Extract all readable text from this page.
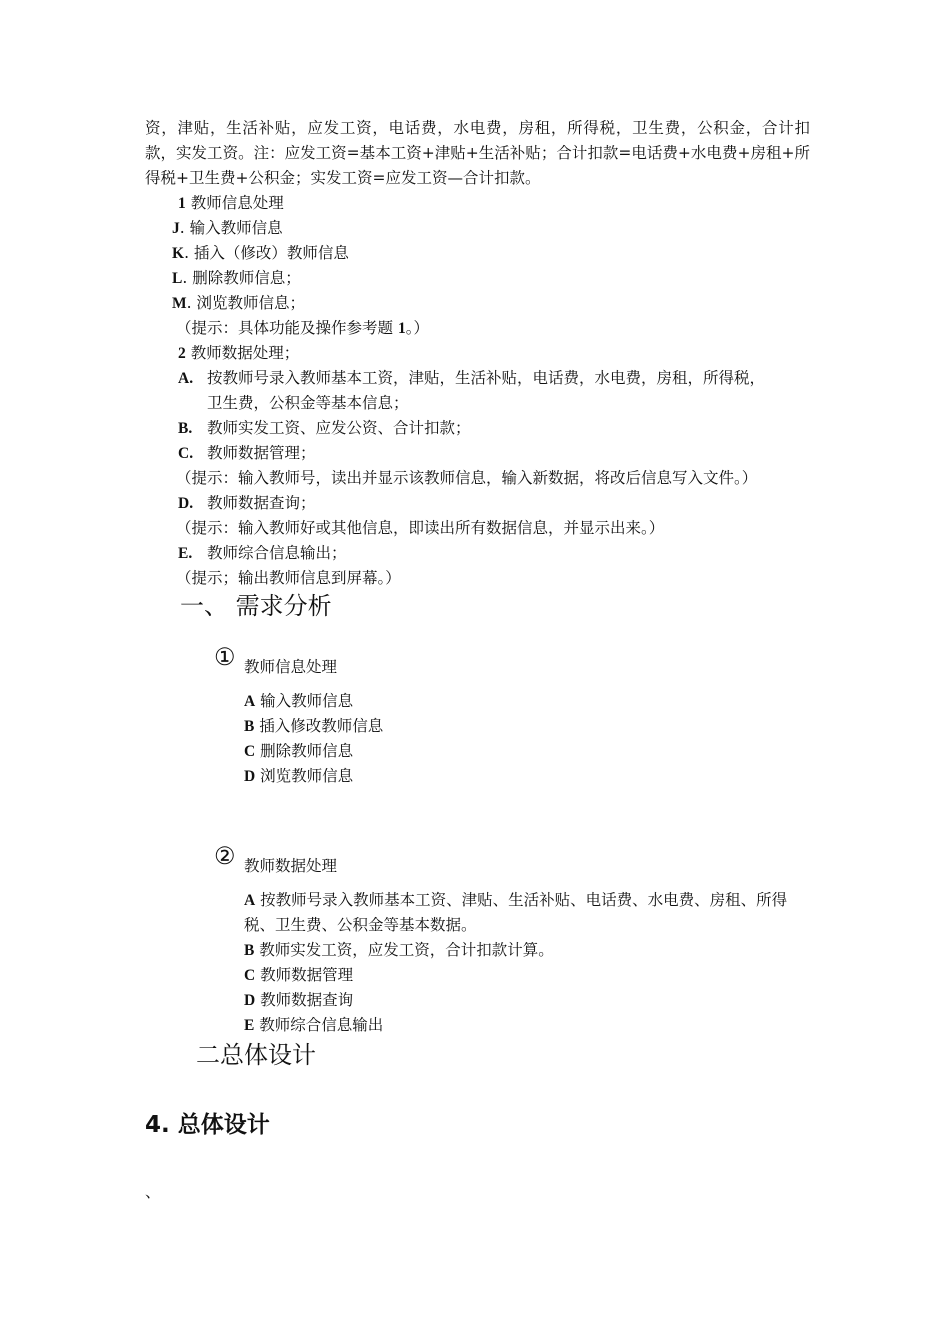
资，津贴，生活补贴，应发工资，电话费，水电费，房租，所得税，卫生费，公积金，合计扣款，实发工资。注：应发工资=基本工资+津贴+生活补贴；合计扣款=电话费+水电费+房租+所得税+卫生费+公积金；实发工资=应发工资—合计扣款。
1 教师信息处理
J. 输入教师信息
K. 插入（修改）教师信息
L. 删除教师信息；
M. 浏览教师信息；
（提示：具体功能及操作参考题 1。）
2 教师数据处理；
A. 按教师号录入教师基本工资，津贴，生活补贴，电话费，水电费，房租，所得税，
卫生费，公积金等基本信息；
B. 教师实发工资、应发公资、合计扣款；
C. 教师数据管理；
（提示：输入教师号，读出并显示该教师信息，输入新数据，将改后信息写入文件。）
D. 教师数据查询；
（提示：输入教师好或其他信息，即读出所有数据信息，并显示出来。）
E. 教师综合信息输出；
（提示；输出教师信息到屏幕。）
一、 需求分析
① 教师信息处理
A 输入教师信息
B 插入修改教师信息
C 删除教师信息
D 浏览教师信息
② 教师数据处理
A 按教师号录入教师基本工资、津贴、生活补贴、电话费、水电费、房租、所得税、卫生费、公积金等基本数据。
B 教师实发工资，应发工资，合计扣款计算。
C 教师数据管理
D 教师数据查询
E 教师综合信息输出
二总体设计
4. 总体设计
、
